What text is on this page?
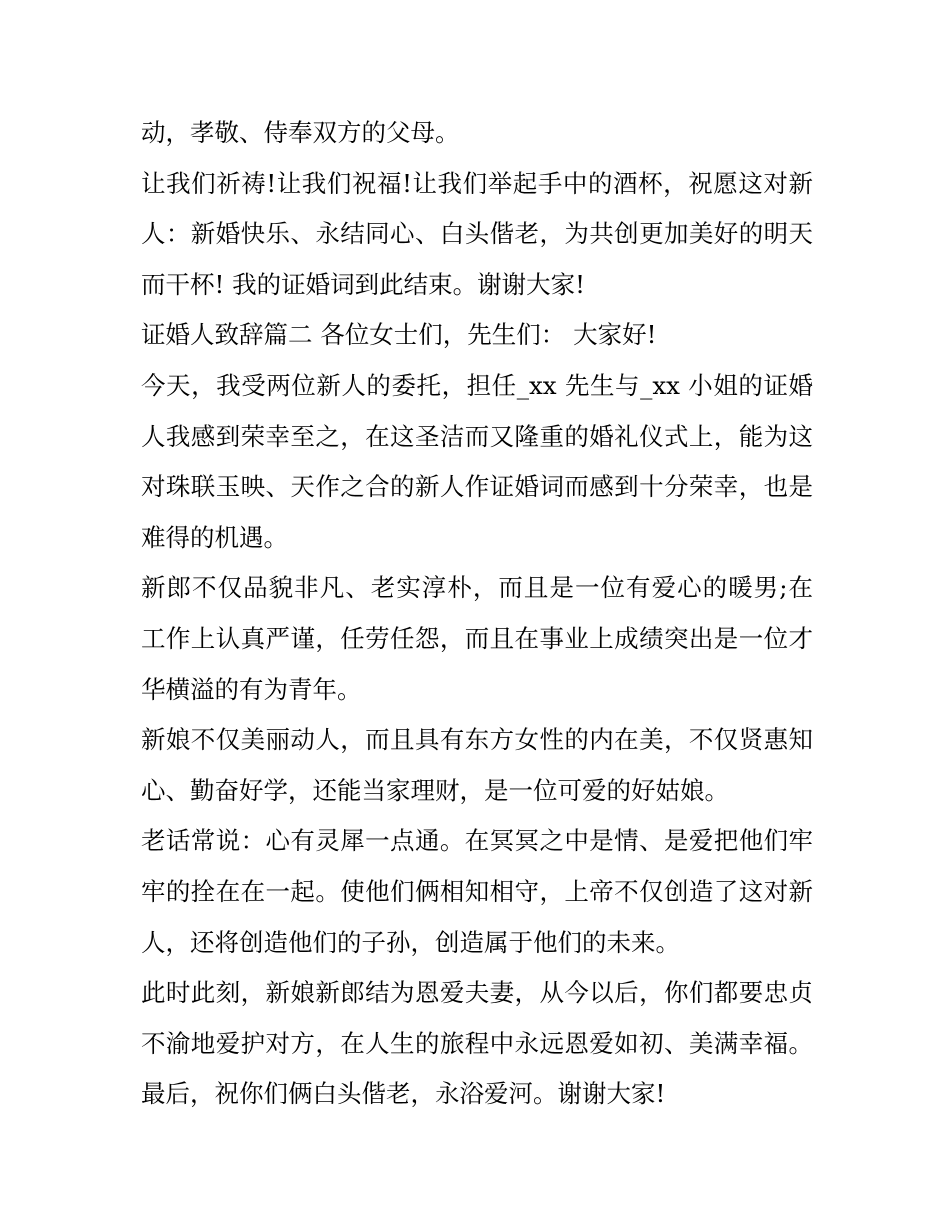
动，孝敬、侍奉双方的父母。
让我们祈祷!让我们祝福!让我们举起手中的酒杯，祝愿这对新
人：新婚快乐、永结同心、白头偕老，为共创更加美好的明天
而干杯! 我的证婚词到此结束。谢谢大家!
证婚人致辞篇二 各位女士们，先生们： 大家好!
今天，我受两位新人的委托，担任_xx 先生与_xx 小姐的证婚
人我感到荣幸至之，在这圣洁而又隆重的婚礼仪式上，能为这
对珠联玉映、天作之合的新人作证婚词而感到十分荣幸，也是
难得的机遇。
新郎不仅品貌非凡、老实淳朴，而且是一位有爱心的暖男;在
工作上认真严谨，任劳任怨，而且在事业上成绩突出是一位才
华横溢的有为青年。
新娘不仅美丽动人，而且具有东方女性的内在美，不仅贤惠知
心、勤奋好学，还能当家理财，是一位可爱的好姑娘。
老话常说：心有灵犀一点通。在冥冥之中是情、是爱把他们牢
牢的拴在在一起。使他们俩相知相守，上帝不仅创造了这对新
人，还将创造他们的子孙，创造属于他们的未来。
此时此刻，新娘新郎结为恩爱夫妻，从今以后，你们都要忠贞
不渝地爱护对方，在人生的旅程中永远恩爱如初、美满幸福。
最后，祝你们俩白头偕老，永浴爱河。谢谢大家!
